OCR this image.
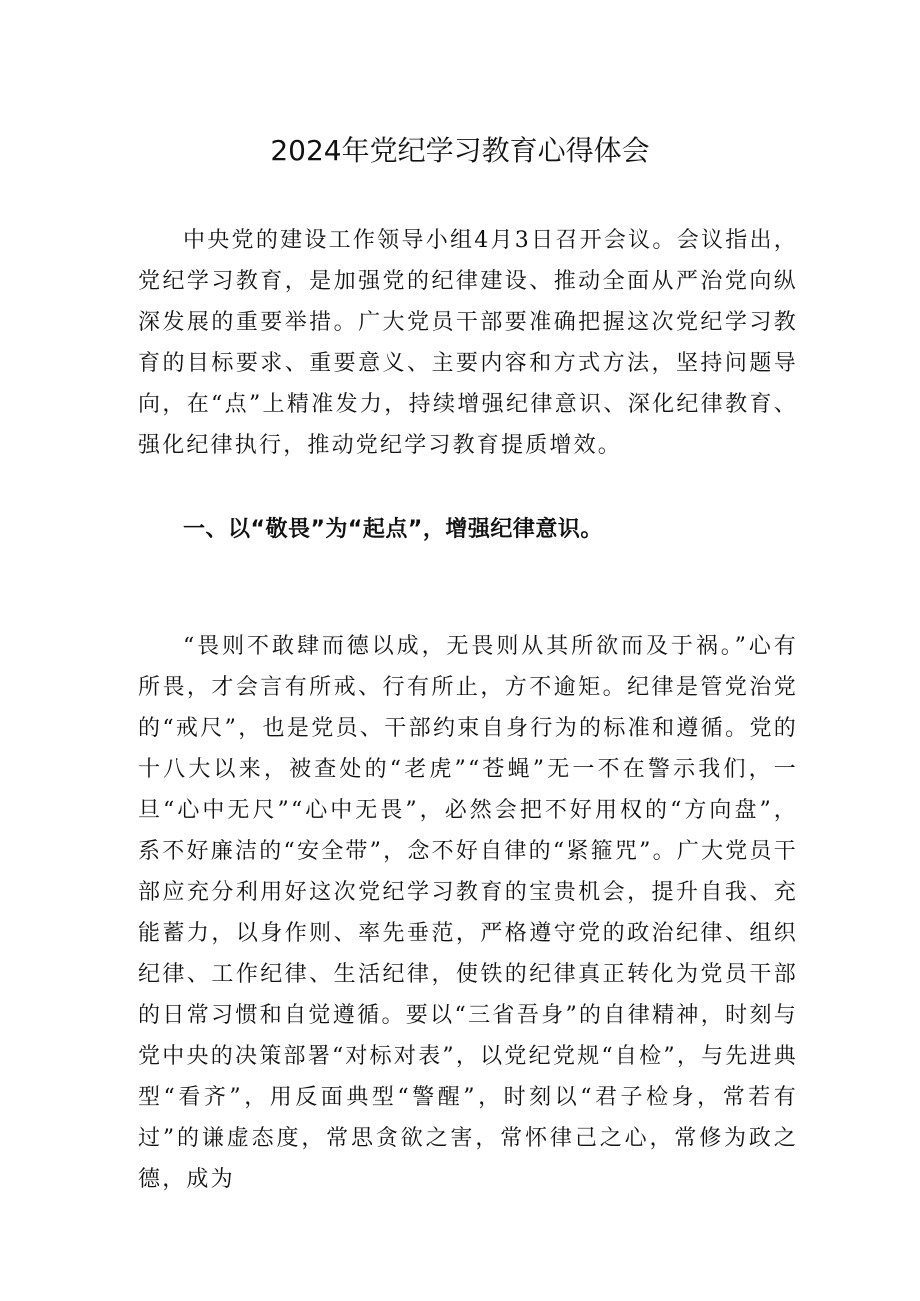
2024年党纪学习教育心得体会

中央党的建设工作领导小组4月3日召开会议。会议指出，党纪学习教育，是加强党的纪律建设、推动全面从严治党向纵深发展的重要举措。广大党员干部要准确把握这次党纪学习教育的目标要求、重要意义、主要内容和方式方法，坚持问题导向，在“点”上精准发力，持续增强纪律意识、深化纪律教育、强化纪律执行，推动党纪学习教育提质增效。

一、以“敬畏”为“起点”，增强纪律意识。

“畏则不敢肆而德以成，无畏则从其所欲而及于祸。”心有所畏，才会言有所戒、行有所止，方不逾矩。纪律是管党治党的“戒尺”，也是党员、干部约束自身行为的标准和遵循。党的十八大以来，被查处的“老虎”“苍蝇”无一不在警示我们，一旦“心中无尺”“心中无畏”，必然会把不好用权的“方向盘”，系不好廉洁的“安全带”，念不好自律的“紧箍咒”。广大党员干部应充分利用好这次党纪学习教育的宝贵机会，提升自我、充能蓄力，以身作则、率先垂范，严格遵守党的政治纪律、组织纪律、工作纪律、生活纪律，使铁的纪律真正转化为党员干部的日常习惯和自觉遵循。要以“三省吾身”的自律精神，时刻与党中央的决策部署“对标对表”，以党纪党规“自检”，与先进典型“看齐”，用反面典型“警醒”，时刻以“君子检身，常若有过”的谦虚态度，常思贪欲之害，常怀律己之心，常修为政之德，成为
